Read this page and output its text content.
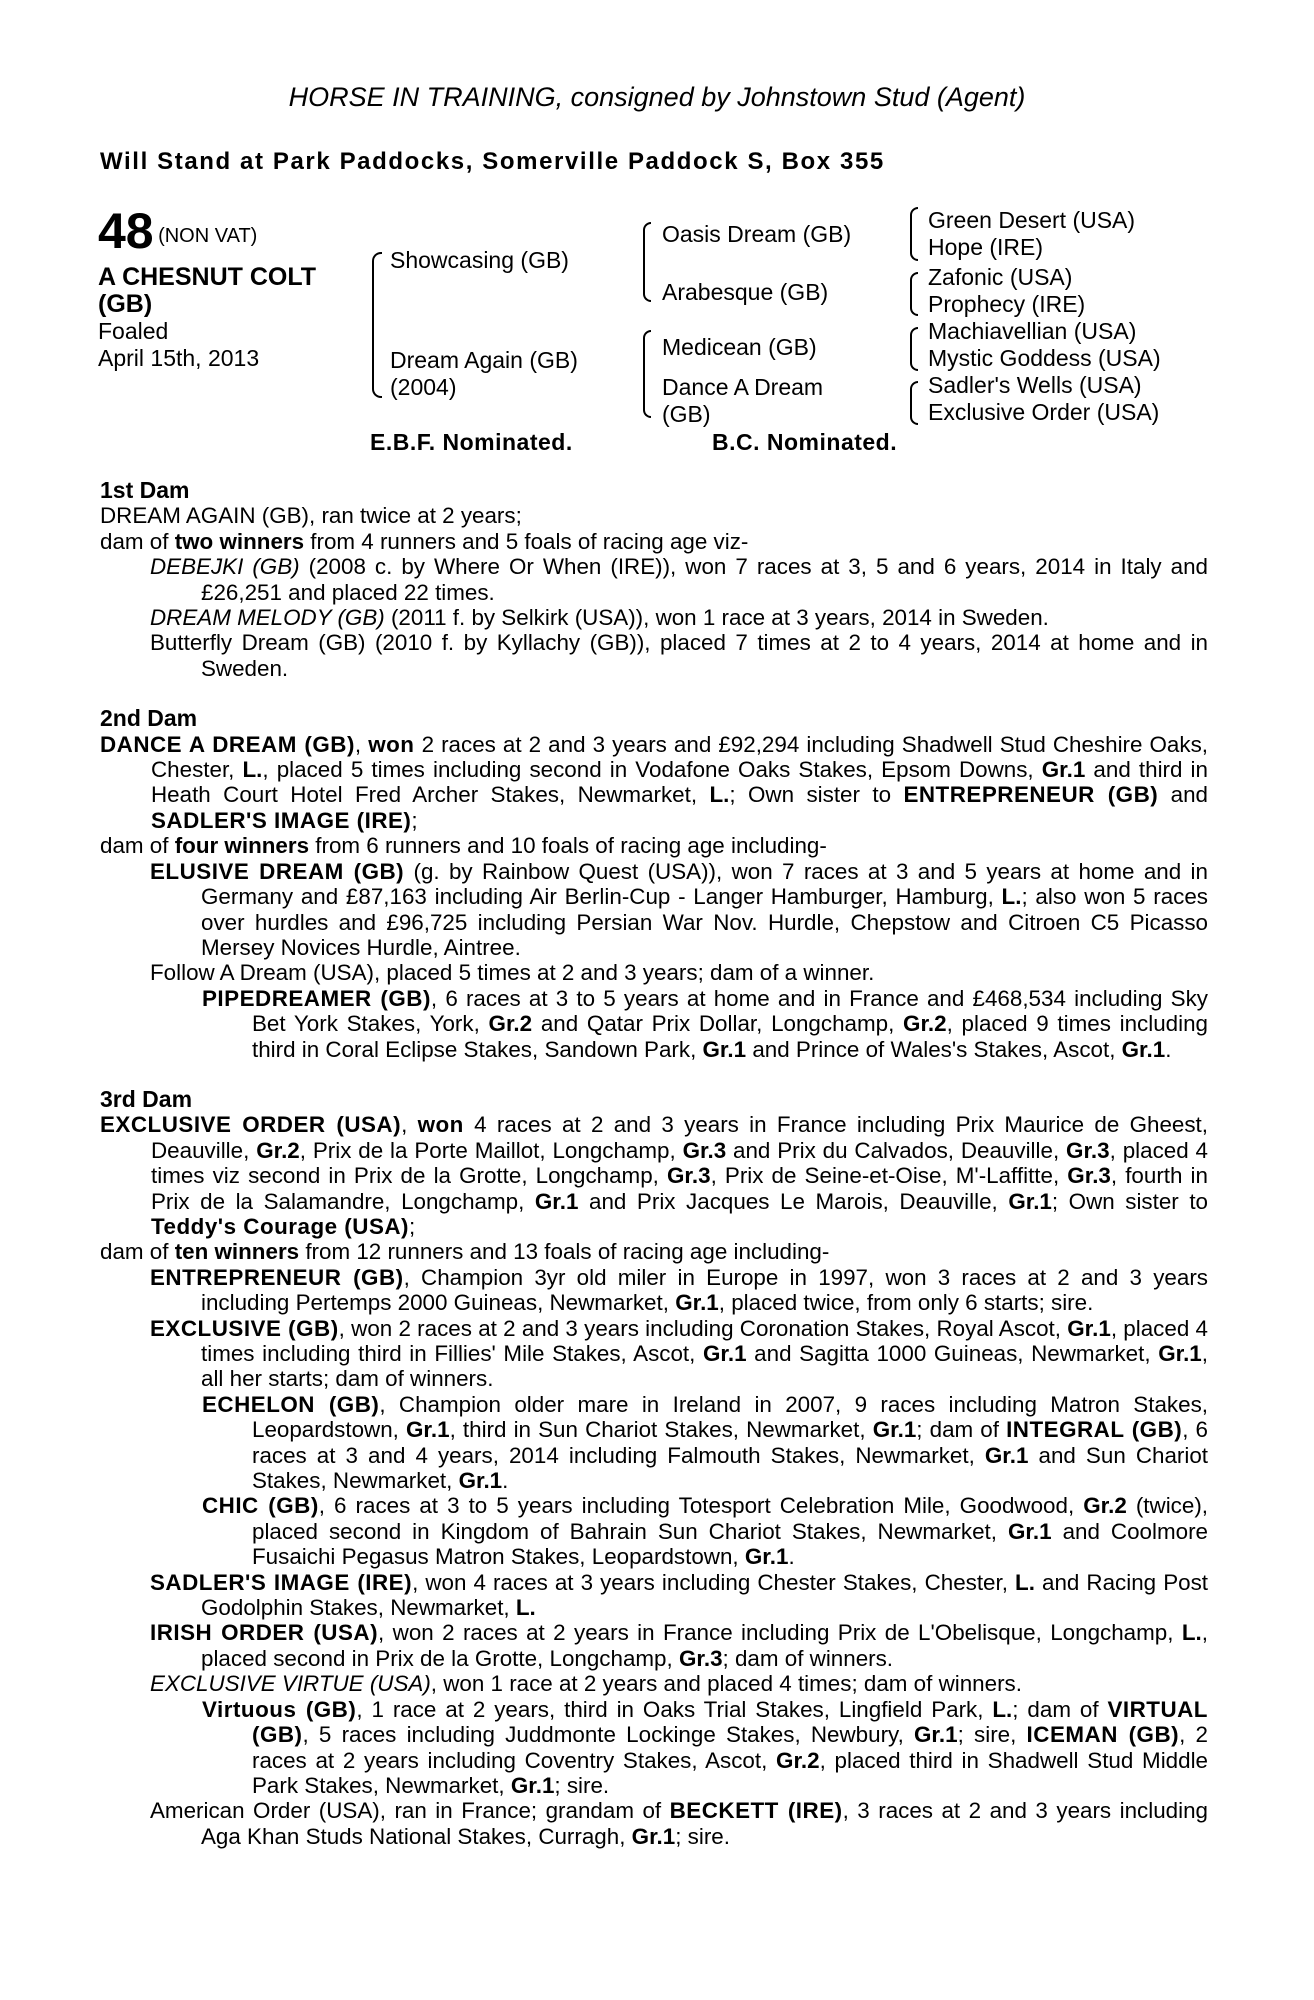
HORSE IN TRAINING, consigned by Johnstown Stud (Agent)
Will Stand at Park Paddocks, Somerville Paddock S, Box 355
48 (NON VAT)
A CHESNUT COLT (GB)
Foaled
April 15th, 2013
Showcasing (GB)
Dream Again (GB)
(2004)
Oasis Dream (GB)
Arabesque (GB)
Medicean (GB)
Dance A Dream
(GB)
Green Desert (USA)
Hope (IRE)
Zafonic (USA)
Prophecy (IRE)
Machiavellian (USA)
Mystic Goddess (USA)
Sadler's Wells (USA)
Exclusive Order (USA)
E.B.F. Nominated.	B.C. Nominated.
1st Dam
DREAM AGAIN (GB), ran twice at 2 years;
dam of two winners from 4 runners and 5 foals of racing age viz-
DEBEJKI (GB) (2008 c. by Where Or When (IRE)), won 7 races at 3, 5 and 6 years, 2014 in Italy and £26,251 and placed 22 times.
DREAM MELODY (GB) (2011 f. by Selkirk (USA)), won 1 race at 3 years, 2014 in Sweden.
Butterfly Dream (GB) (2010 f. by Kyllachy (GB)), placed 7 times at 2 to 4 years, 2014 at home and in Sweden.
2nd Dam
DANCE A DREAM (GB), won 2 races at 2 and 3 years and £92,294 including Shadwell Stud Cheshire Oaks, Chester, L., placed 5 times including second in Vodafone Oaks Stakes, Epsom Downs, Gr.1 and third in Heath Court Hotel Fred Archer Stakes, Newmarket, L.; Own sister to ENTREPRENEUR (GB) and SADLER'S IMAGE (IRE);
dam of four winners from 6 runners and 10 foals of racing age including-
ELUSIVE DREAM (GB) (g. by Rainbow Quest (USA)), won 7 races at 3 and 5 years at home and in Germany and £87,163 including Air Berlin-Cup - Langer Hamburger, Hamburg, L.; also won 5 races over hurdles and £96,725 including Persian War Nov. Hurdle, Chepstow and Citroen C5 Picasso Mersey Novices Hurdle, Aintree.
Follow A Dream (USA), placed 5 times at 2 and 3 years; dam of a winner.
PIPEDREAMER (GB), 6 races at 3 to 5 years at home and in France and £468,534 including Sky Bet York Stakes, York, Gr.2 and Qatar Prix Dollar, Longchamp, Gr.2, placed 9 times including third in Coral Eclipse Stakes, Sandown Park, Gr.1 and Prince of Wales's Stakes, Ascot, Gr.1.
3rd Dam
EXCLUSIVE ORDER (USA), won 4 races at 2 and 3 years in France including Prix Maurice de Gheest, Deauville, Gr.2, Prix de la Porte Maillot, Longchamp, Gr.3 and Prix du Calvados, Deauville, Gr.3, placed 4 times viz second in Prix de la Grotte, Longchamp, Gr.3, Prix de Seine-et-Oise, M'-Laffitte, Gr.3, fourth in Prix de la Salamandre, Longchamp, Gr.1 and Prix Jacques Le Marois, Deauville, Gr.1; Own sister to Teddy's Courage (USA);
dam of ten winners from 12 runners and 13 foals of racing age including-
ENTREPRENEUR (GB), Champion 3yr old miler in Europe in 1997, won 3 races at 2 and 3 years including Pertemps 2000 Guineas, Newmarket, Gr.1, placed twice, from only 6 starts; sire.
EXCLUSIVE (GB), won 2 races at 2 and 3 years including Coronation Stakes, Royal Ascot, Gr.1, placed 4 times including third in Fillies' Mile Stakes, Ascot, Gr.1 and Sagitta 1000 Guineas, Newmarket, Gr.1, all her starts; dam of winners.
ECHELON (GB), Champion older mare in Ireland in 2007, 9 races including Matron Stakes, Leopardstown, Gr.1, third in Sun Chariot Stakes, Newmarket, Gr.1; dam of INTEGRAL (GB), 6 races at 3 and 4 years, 2014 including Falmouth Stakes, Newmarket, Gr.1 and Sun Chariot Stakes, Newmarket, Gr.1.
CHIC (GB), 6 races at 3 to 5 years including Totesport Celebration Mile, Goodwood, Gr.2 (twice), placed second in Kingdom of Bahrain Sun Chariot Stakes, Newmarket, Gr.1 and Coolmore Fusaichi Pegasus Matron Stakes, Leopardstown, Gr.1.
SADLER'S IMAGE (IRE), won 4 races at 3 years including Chester Stakes, Chester, L. and Racing Post Godolphin Stakes, Newmarket, L.
IRISH ORDER (USA), won 2 races at 2 years in France including Prix de L'Obelisque, Longchamp, L., placed second in Prix de la Grotte, Longchamp, Gr.3; dam of winners.
EXCLUSIVE VIRTUE (USA), won 1 race at 2 years and placed 4 times; dam of winners.
Virtuous (GB), 1 race at 2 years, third in Oaks Trial Stakes, Lingfield Park, L.; dam of VIRTUAL (GB), 5 races including Juddmonte Lockinge Stakes, Newbury, Gr.1; sire, ICEMAN (GB), 2 races at 2 years including Coventry Stakes, Ascot, Gr.2, placed third in Shadwell Stud Middle Park Stakes, Newmarket, Gr.1; sire.
American Order (USA), ran in France; grandam of BECKETT (IRE), 3 races at 2 and 3 years including Aga Khan Studs National Stakes, Curragh, Gr.1; sire.
